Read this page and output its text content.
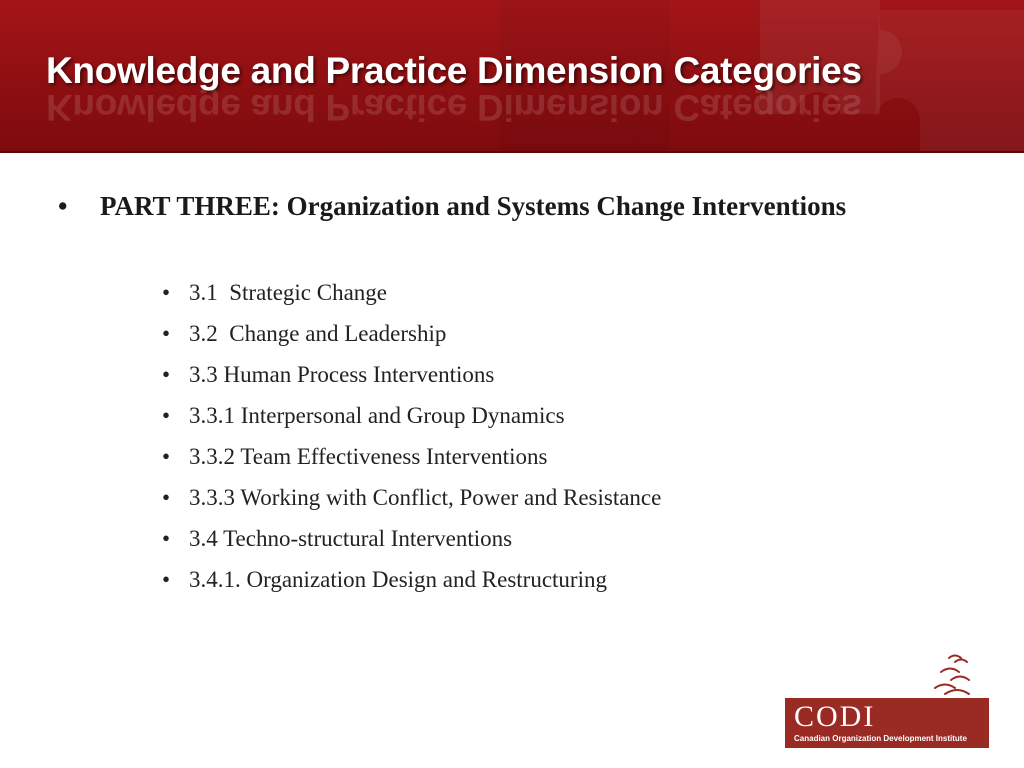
Knowledge and Practice Dimension Categories
Knowledge and Practice Dimension Categories
• PART THREE: Organization and Systems Change Interventions
• 3.1  Strategic Change
• 3.2  Change and Leadership
• 3.3 Human Process Interventions
• 3.3.1 Interpersonal and Group Dynamics
• 3.3.2 Team Effectiveness Interventions
• 3.3.3 Working with Conflict, Power and Resistance
• 3.4 Techno-structural Interventions
• 3.4.1. Organization Design and Restructuring
CODI
Canadian Organization Development Institute
